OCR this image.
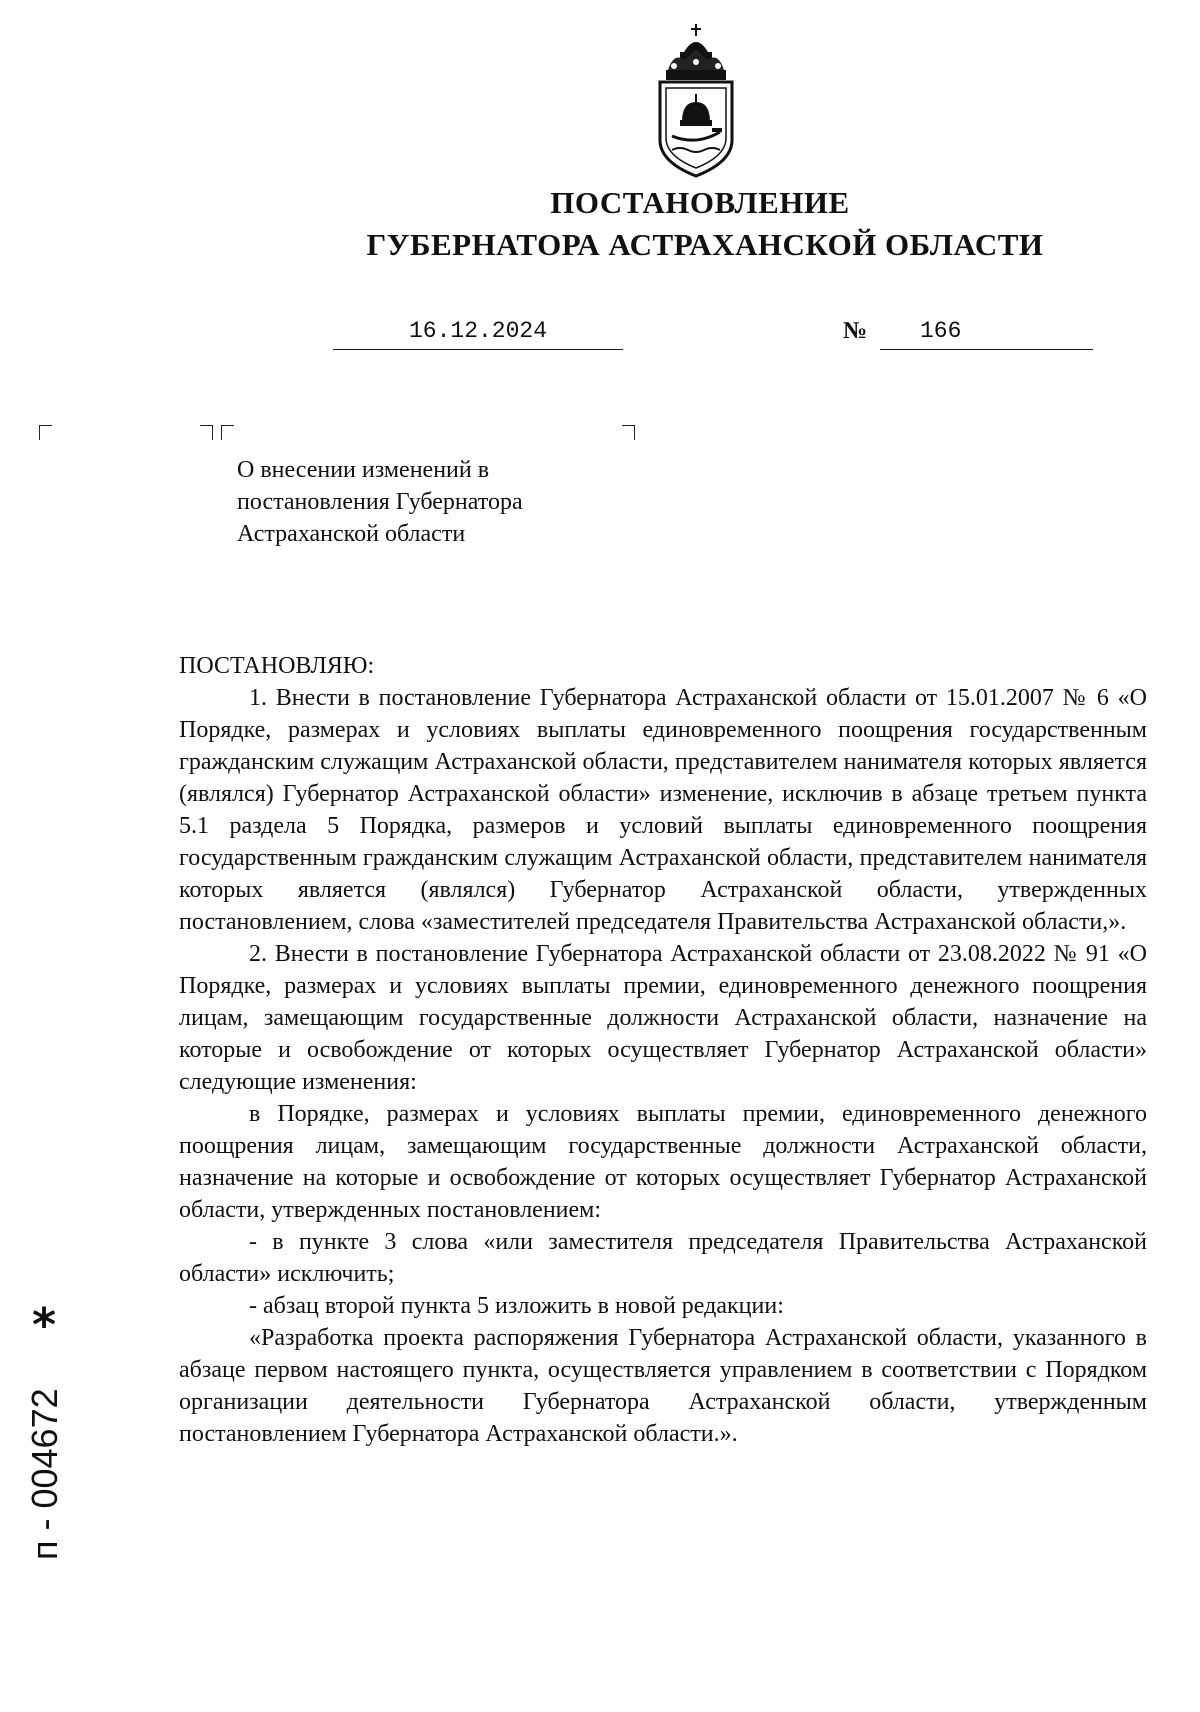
ПОСТАНОВЛЕНИЕ
ГУБЕРНАТОРА АСТРАХАНСКОЙ ОБЛАСТИ
16.12.2024	№	166
О внесении изменений в постановления Губернатора Астраханской области

ПОСТАНОВЛЯЮ:

1. Внести в постановление Губернатора Астраханской области от 15.01.2007 № 6 «О Порядке, размерах и условиях выплаты единовременного поощрения государственным гражданским служащим Астраханской области, представителем нанимателя которых является (являлся) Губернатор Астраханской области» изменение, исключив в абзаце третьем пункта 5.1 раздела 5 Порядка, размеров и условий выплаты единовременного поощрения государственным гражданским служащим Астраханской области, представителем нанимателя которых является (являлся) Губернатор Астраханской области, утвержденных постановлением, слова «заместителей председателя Правительства Астраханской области,».

2. Внести в постановление Губернатора Астраханской области от 23.08.2022 № 91 «О Порядке, размерах и условиях выплаты премии, единовременного денежного поощрения лицам, замещающим государственные должности Астраханской области, назначение на которые и освобождение от которых осуществляет Губернатор Астраханской области» следующие изменения:

в Порядке, размерах и условиях выплаты премии, единовременного денежного поощрения лицам, замещающим государственные должности Астраханской области, назначение на которые и освобождение от которых осуществляет Губернатор Астраханской области, утвержденных постановлением:

- в пункте 3 слова «или заместителя председателя Правительства Астраханской области» исключить;

- абзац второй пункта 5 изложить в новой редакции:

«Разработка проекта распоряжения Губернатора Астраханской области, указанного в абзаце первом настоящего пункта, осуществляется управлением в соответствии с Порядком организации деятельности Губернатора Астраханской области, утвержденным постановлением Губернатора Астраханской области.».

*
п - 004672
